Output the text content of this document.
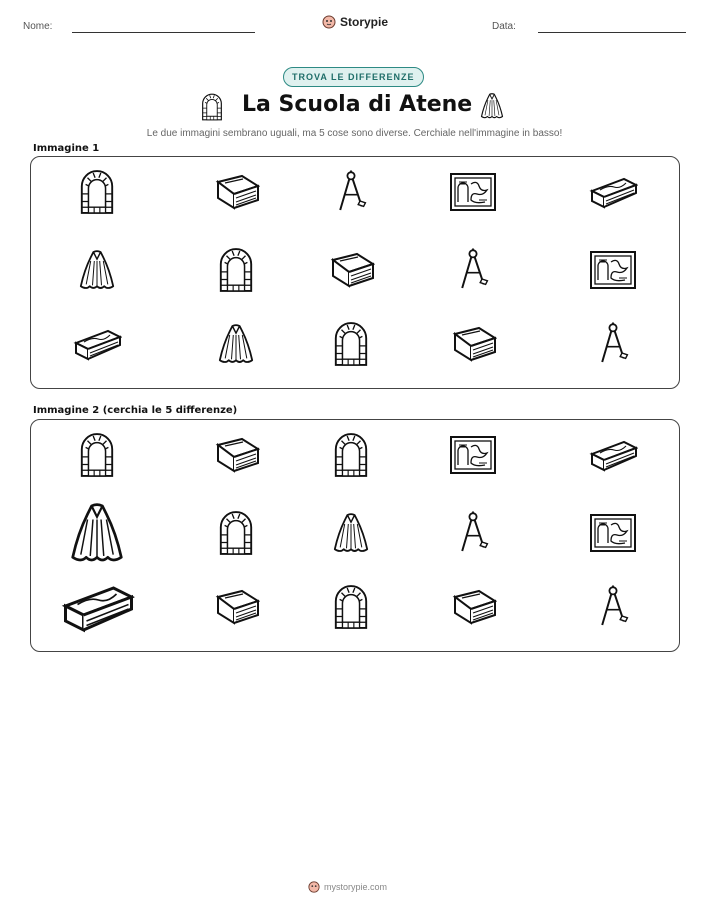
Nome:	Storypie	Data:
TROVA LE DIFFERENZE
La Scuola di Atene
Le due immagini sembrano uguali, ma 5 cose sono diverse. Cerchiale nell'immagine in basso!
Immagine 1
Immagine 2 (cerchia le 5 differenze)
mystorypie.com
